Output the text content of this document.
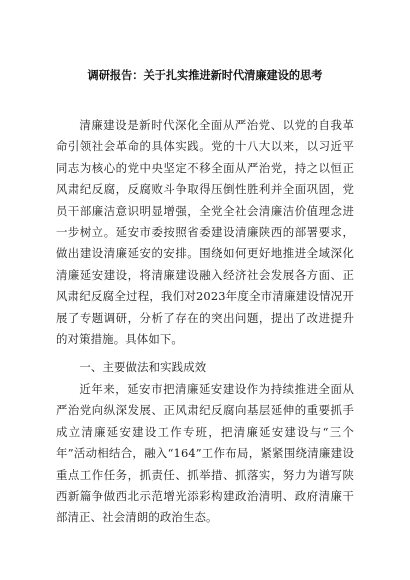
调研报告：关于扎实推进新时代清廉建设的思考

清廉建设是新时代深化全面从严治党、以党的自我革命引领社会革命的具体实践。党的十八大以来，以习近平同志为核心的党中央坚定不移全面从严治党，持之以恒正风肃纪反腐，反腐败斗争取得压倒性胜利并全面巩固，党员干部廉洁意识明显增强，全党全社会清廉洁价值理念进一步树立。延安市委按照省委建设清廉陕西的部署要求，做出建设清廉延安的安排。围绕如何更好地推进全域深化清廉延安建设，将清廉建设融入经济社会发展各方面、正风肃纪反腐全过程，我们对2023年度全市清廉建设情况开展了专题调研，分析了存在的突出问题，提出了改进提升的对策措施。具体如下。

一、主要做法和实践成效

近年来，延安市把清廉延安建设作为持续推进全面从严治党向纵深发展、正风肃纪反腐向基层延伸的重要抓手成立清廉延安建设工作专班，把清廉延安建设与“三个年”活动相结合，融入“164”工作布局，紧紧围绕清廉建设重点工作任务，抓责任、抓举措、抓落实，努力为谱写陕西新篇争做西北示范增光添彩构建政治清明、政府清廉干部清正、社会清朗的政治生态。
